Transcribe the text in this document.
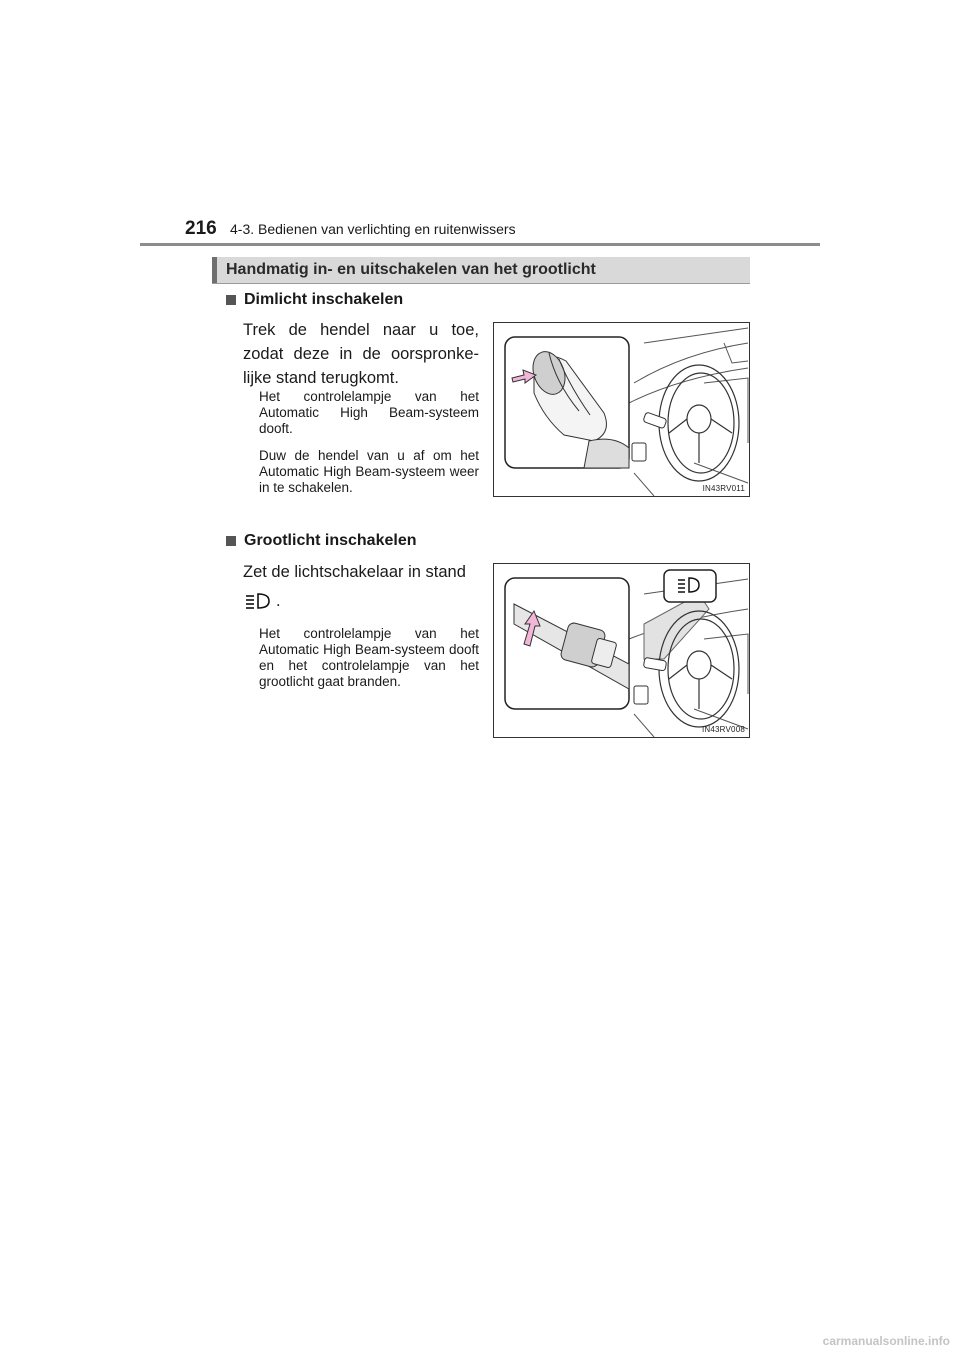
216 4-3. Bedienen van verlichting en ruitenwissers
Handmatig in- en uitschakelen van het grootlicht
Dimlicht inschakelen
Trek de hendel naar u toe, zodat deze in de oorspronke-lijke stand terugkomt.
Het controlelampje van het Automatic High Beam-systeem dooft.
Duw de hendel van u af om het Automatic High Beam-systeem weer in te schakelen.	IN43RV011
Grootlicht inschakelen
Zet de lichtschakelaar in stand
.
Het controlelampje van het Automatic High Beam-systeem dooft en het controlelampje van het grootlicht gaat branden.
IN43RV008
carmanualsonline.info
